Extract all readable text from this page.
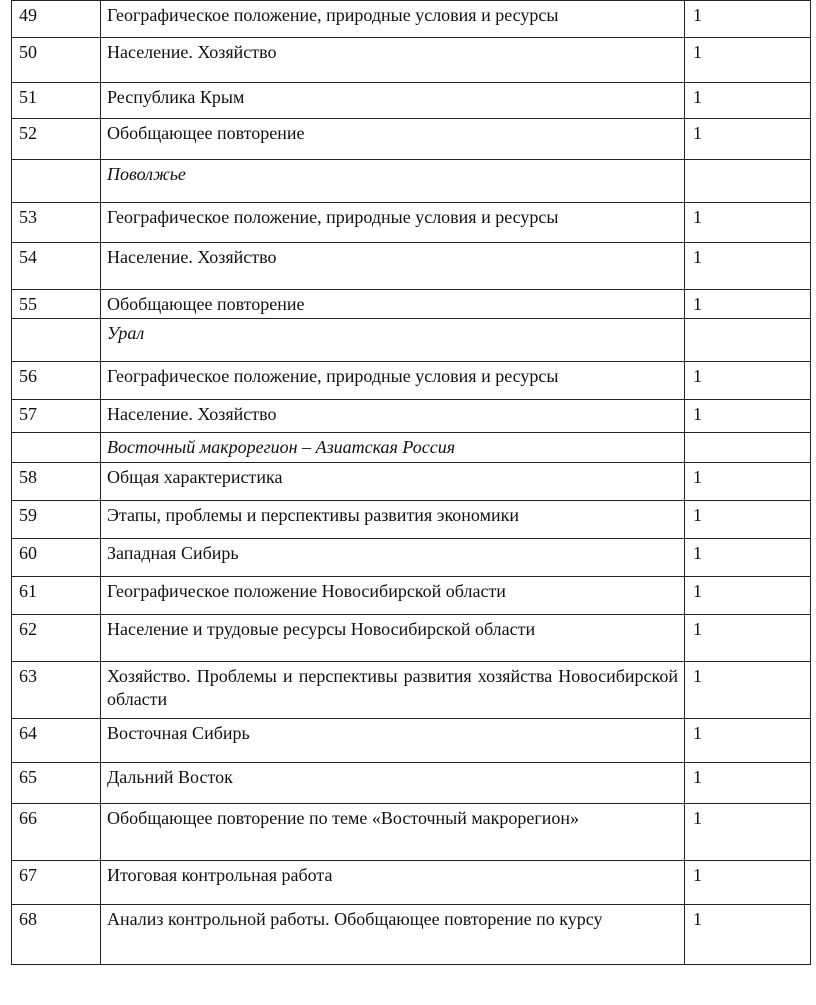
49	Географическое положение, природные условия и ресурсы	1
50	Население. Хозяйство	1
51	Республика Крым	1
52	Обобщающее повторение	1
	Поволжье	
53	Географическое положение, природные условия и ресурсы	1
54	Население. Хозяйство	1
55	Обобщающее повторение	1
	Урал	
56	Географическое положение, природные условия и ресурсы	1
57	Население. Хозяйство	1
	Восточный макрорегион – Азиатская Россия	
58	Общая характеристика	1
59	Этапы, проблемы и перспективы развития экономики	1
60	Западная Сибирь	1
61	Географическое положение Новосибирской области	1
62	Население и трудовые ресурсы Новосибирской области	1
63	Хозяйство. Проблемы и перспективы развития хозяйства Новосибирской области	1
64	Восточная Сибирь	1
65	Дальний Восток	1
66	Обобщающее повторение по теме «Восточный макрорегион»	1
67	Итоговая контрольная работа	1
68	Анализ контрольной работы. Обобщающее повторение по курсу	1
